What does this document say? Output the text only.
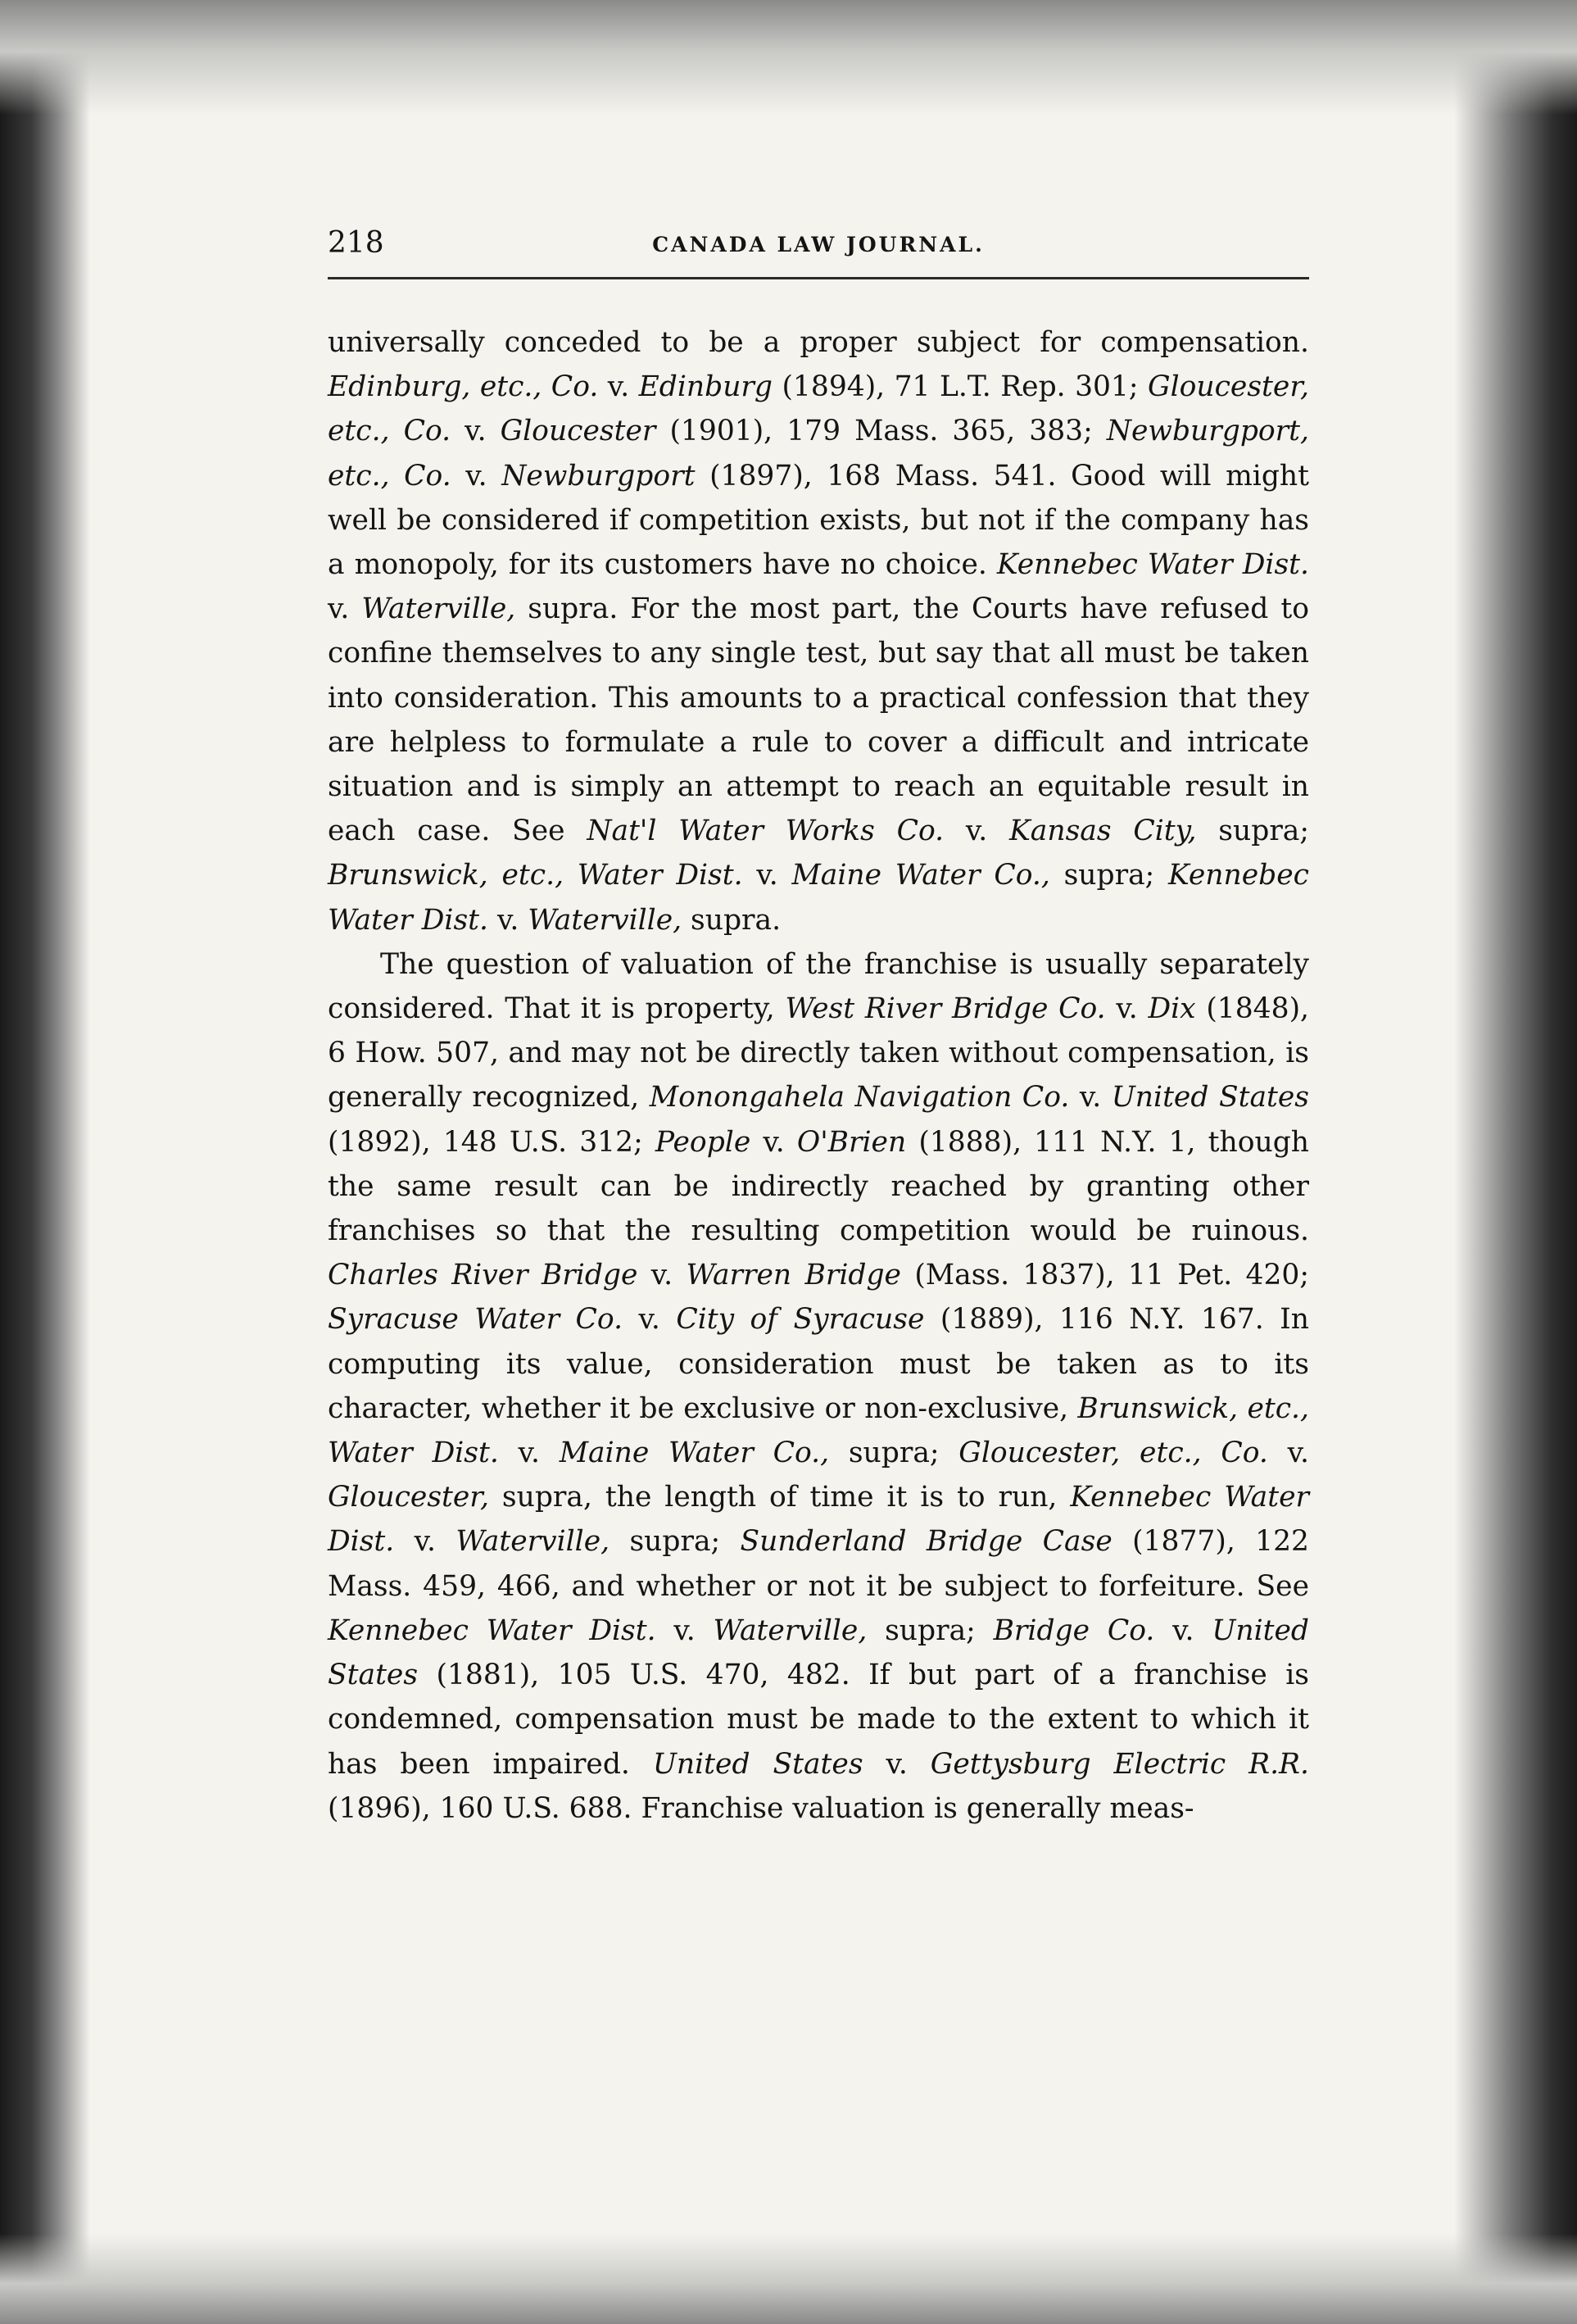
218	CANADA LAW JOURNAL.

universally conceded to be a proper subject for compensation. Edinburg, etc., Co. v. Edinburg (1894), 71 L.T. Rep. 301; Gloucester, etc., Co. v. Gloucester (1901), 179 Mass. 365, 383; Newburgport, etc., Co. v. Newburgport (1897), 168 Mass. 541. Good will might well be considered if competition exists, but not if the company has a monopoly, for its customers have no choice. Kennebec Water Dist. v. Waterville, supra. For the most part, the Courts have refused to confine themselves to any single test, but say that all must be taken into consideration. This amounts to a practical confession that they are helpless to formulate a rule to cover a difficult and intricate situation and is simply an attempt to reach an equitable result in each case. See Nat'l Water Works Co. v. Kansas City, supra; Brunswick, etc., Water Dist. v. Maine Water Co., supra; Kennebec Water Dist. v. Waterville, supra.

The question of valuation of the franchise is usually separately considered. That it is property, West River Bridge Co. v. Dix (1848), 6 How. 507, and may not be directly taken without compensation, is generally recognized, Monongahela Navigation Co. v. United States (1892), 148 U.S. 312; People v. O'Brien (1888), 111 N.Y. 1, though the same result can be indirectly reached by granting other franchises so that the resulting competition would be ruinous. Charles River Bridge v. Warren Bridge (Mass. 1837), 11 Pet. 420; Syracuse Water Co. v. City of Syracuse (1889), 116 N.Y. 167. In computing its value, consideration must be taken as to its character, whether it be exclusive or non-exclusive, Brunswick, etc., Water Dist. v. Maine Water Co., supra; Gloucester, etc., Co. v. Gloucester, supra, the length of time it is to run, Kennebec Water Dist. v. Waterville, supra; Sunderland Bridge Case (1877), 122 Mass. 459, 466, and whether or not it be subject to forfeiture. See Kennebec Water Dist. v. Waterville, supra; Bridge Co. v. United States (1881), 105 U.S. 470, 482. If but part of a franchise is condemned, compensation must be made to the extent to which it has been impaired. United States v. Gettysburg Electric R.R. (1896), 160 U.S. 688. Franchise valuation is generally meas-
